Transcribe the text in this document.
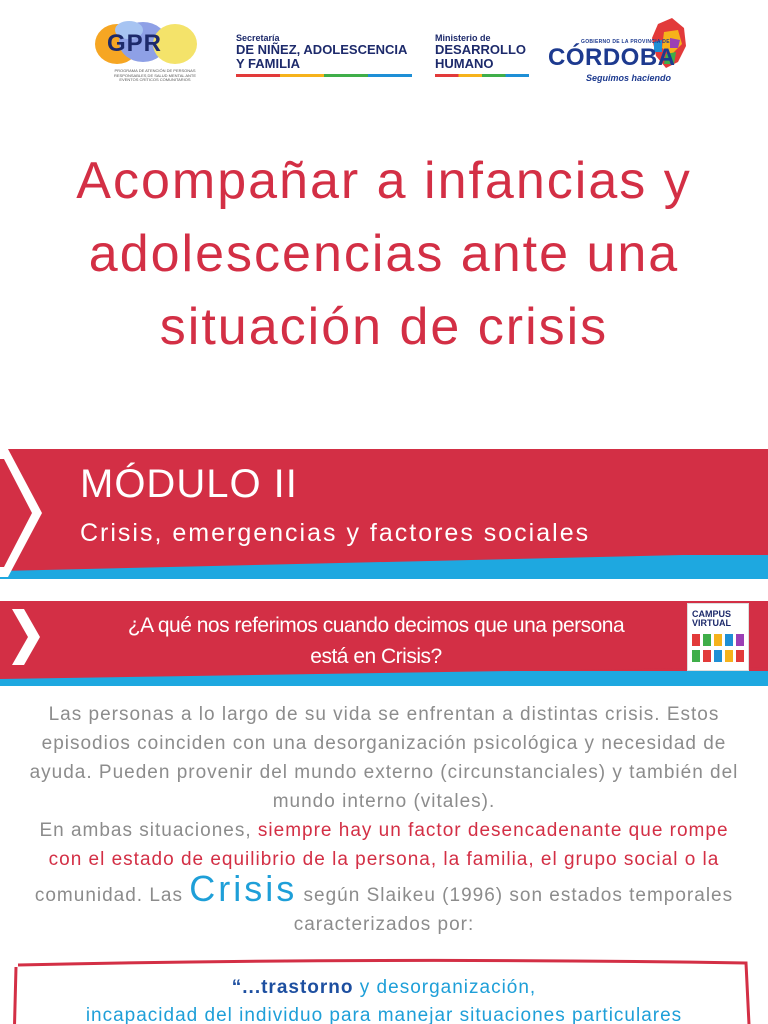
GPR
PROGRAMA DE ATENCIÓN DE PERSONAS RESPONSABLES DE SALUD MENTAL ANTE EVENTOS CRÍTICOS COMUNITARIOS
Secretaría
DE NIÑEZ, ADOLESCENCIA
Y FAMILIA
Ministerio de
DESARROLLO
HUMANO
GOBIERNO DE LA PROVINCIA DE
CÓRDOBA
Seguimos haciendo
Acompañar a infancias y
adolescencias ante una
situación de crisis
MÓDULO II
Crisis, emergencias y factores sociales
¿A qué nos referimos cuando decimos que una persona
está en Crisis?
CAMPUS
VIRTUAL
Las personas a lo largo de su vida se enfrentan a distintas crisis. Estos episodios coinciden con una desorganización psicológica y necesidad de ayuda. Pueden provenir del mundo externo (circunstanciales) y también del mundo interno (vitales).
En ambas situaciones, siempre hay un factor desencadenante que rompe con el estado de equilibrio de la persona, la familia, el grupo social o la comunidad. Las Crisis según Slaikeu (1996) son estados temporales caracterizados por:
“...trastorno y desorganización,
incapacidad del individuo para manejar situaciones particulares
